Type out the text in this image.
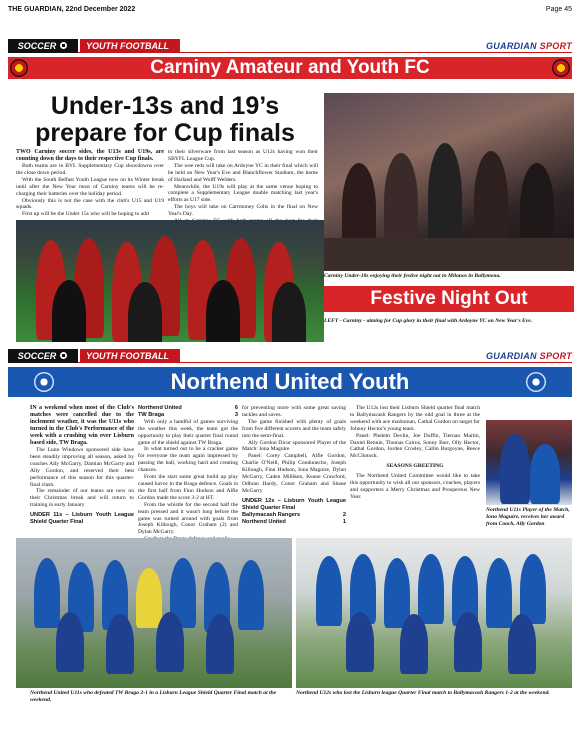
THE GUARDIAN, 22nd December 2022	Page 45
SOCCER	YOUTH FOOTBALL	GUARDIAN SPORT
Carniny Amateur and Youth FC
Under-13s and 19’s prepare for Cup finals

TWO Carniny soccer sides, the U13s and U19s, are counting down the days to their respective Cup finals.

Both teams are in BYL Supplementary Cup showdowns over the close down period.

With the South Belfast Youth League now on its Winter break until after the New Year most of Carniny teams will be re-charging their batteries over the holiday period.

Obviously this is not the case with the club's U15 and U19 squads.

First up will be the Under 15s who will be hoping to add

to their silverware from last season as U12s having won their SBYFL League Cup.

The wee reds will take on Ardoyne YC in their final which will be held on New Year's Eve and Blanchflower Stadium, the home of Harland and Wolff Welders.

Meanwhile, the U19s will play at the same venue hoping to complete a Supplementary League double matching last year's efforts as U17 side.

The boys will take on Carrmoney Colts in the final on New Year's Day.

Carniny Under-18s enjoying their festive night out in Milanos in Ballymena.
Festive Night Out
LEFT - Carniny - aiming for Cup glory in their final with Ardoyne YC on New Year's Eve.
SOCCER	YOUTH FOOTBALL	GUARDIAN SPORT
Northend United Youth

IN a weekend when most of the Club's matches were cancelled due to the inclement weather, it was the U11s who turned in the Club's Performance of the week with a crushing win over Lisburn based side, TW Braga.

The Lunn Windows sponsored side have been steadily improving all season, asked by coaches Ally McGarry, Damian McGarry and Ally Gordon, and reserved their best performance of this season for this quarter-final clash.

The remainder of our teams are now on their Christmas break and will return to training in early January

UNDER 11s – Lisburn Youth League Shield Quarter Final

Northend United	6

TW Braga	3

With only a handful of games surviving the weather this week, the team got the opportunity to play their quarter final round game of the shield against TW Braga.

In what turned out to be a cracker game for everyone the team again impressed by passing the ball, working hard and creating chances.

From the start some great build up play caused havoc in the Braga defence. Goals in the first half from Finn Hudson and Alfie Gordon made the score 3-2 at HT.

From the whistle for the second half the team pressed and it wasn't long before the game was turned around with goals from Joseph Killough, Conor Graham (2) and Dylan McGarry.

for preventing more with some great saving tackles and saves.

The game finished with plenty of goals from five different scorers and the team safely into the semi-final.

Ally Gordon Dicor sponsored Player of the Match: Iona Maguire

Panel: Corey Campbell, Alfie Gordon, Charlie O'Neill, Philip Condunecho, Joseph Killough, Finn Hudson, Iona Maguire, Dylan McGarry, Caden Milliken, Keane Crawford, Odhran Hardy, Conor Graham and Shane McGarry

UNDER 12s – Lisburn Youth League Shield Quarter Final

Ballymacash Rangers	2

Northend United	1

The U12s lost their Lisburn Shield quarter final match to Ballymacash Rangers by the odd goal in three at the weekend with ace marksman, Cathal Gordon on target for Johnny Hector's young team.

Panel: Phelem Devlin, Joe Duffin, Tiernan Martin, Daniel Rennie, Thomas Cairns, Sonny Barr, Olly Hector, Cathal Gordon, Jorden Crosley, Callin Burgoyne, Reece McClintock.

SEASONS GREETING

The Northend United Committee would like to take this opportunity to wish all our sponsors, coaches, players and supporters a Merry Christmas and Prosperous New Year.

Northend U11s Player of the Match, Iona Maguire, receives her award from Coach, Ally Gordon
Northend United U11s who defeated TW Braga 2-1 in a Lisburn League Shield Quarter Final match at the weekend.
Northend U12s who lost the Lisburn league Quarter Final match to Ballymacash Rangers 1-2 at the weekend.
